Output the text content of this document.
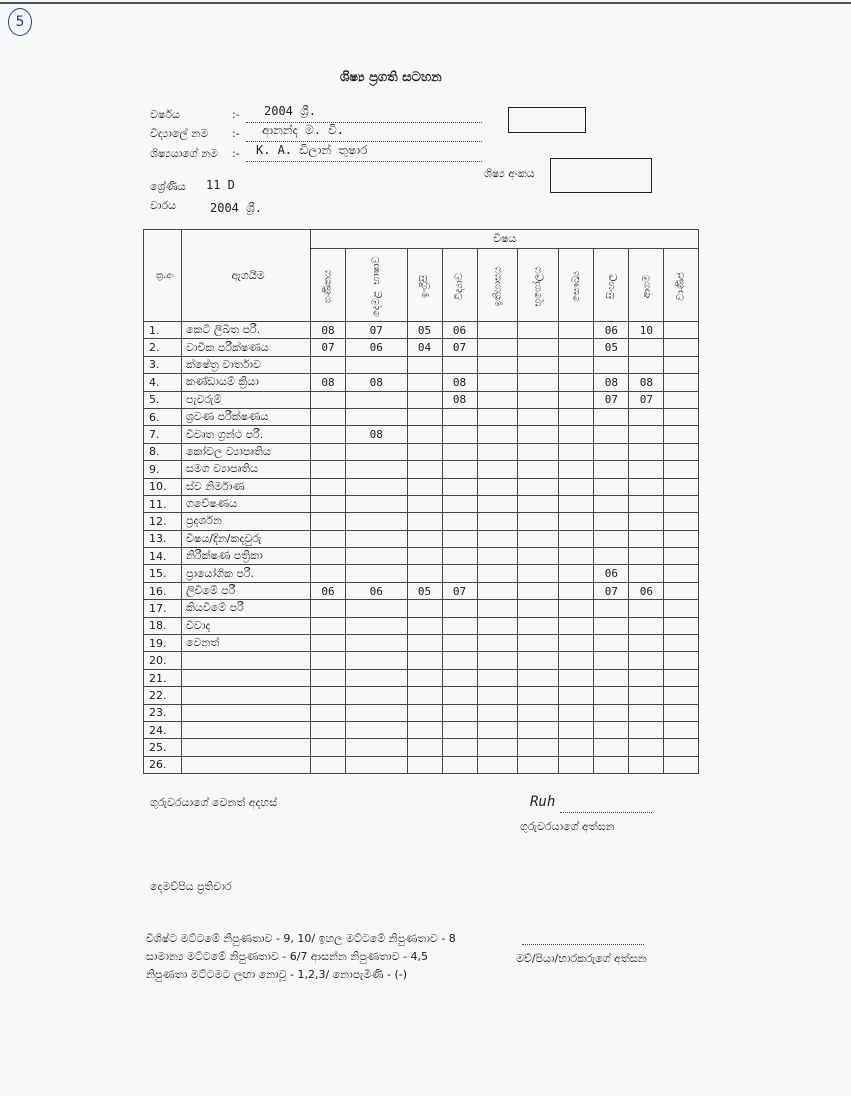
5
ශිෂ්‍ය ප්‍රගති සටහන
වර්ෂය	:- 2004 ශ්‍රී.
විද්‍යාලේ නම :- ආනන්ද ම. වි.
ශිෂ්‍යයාගේ නම :- K. A. ඩිලාන් තුෂාර
ශිෂ්‍ය අංකය
ශ්‍රේණිය 11 D
වාරය	2004 ශ්‍රී.
ක්‍ර.අං	ඇගයීම	විෂය									
		ගණිතය	දෙමළ භාෂාව	ඉංග්‍රීසි	විද්‍යාව	ඉතිහාසය	භූගෝලය	සෞඛ්‍ය	සිංහල	ආගම	වාණිජ
1.	කෙටි ලිඛිත පරී.	08	07	05	06				06	10	
2.	වාචික පරීක්ෂණය	07	06	04	07				05		
3.	ක්ෂේත්‍ර වාර්තාව										
4.	කණ්ඩායම් ක්‍රියා	08	08		08				08	08	
5.	පැවරුම්				08				07	07	
6.	ශ්‍රවණ පරීක්ෂණය										
7.	විවෘත ග්‍රන්ථ පරී.		08								
8.	කෝවල ව්‍යාපෘතිය										
9.	සමග ව්‍යාපෘතිය										
10.	ස්ව නිර්මාණ										
11.	ගවේෂණය										
12.	ප්‍රදර්ශන										
13.	විෂය/දින/කදවුරු										
14.	නිරීක්ෂණ පත්‍රිකා										
15.	ප්‍රායෝගික පරී.								06		
16.	ලිවීමේ පරී	06	06	05	07				07	06	
17.	කියවීමේ පරී										
18.	විවාද										
19.	වෙනත්										
20.											
21.											
22.											
23.											
24.											
25.											
26.											
ගුරුවරයාගේ වෙනත් අදහස්	Ruh
ගුරුවරයාගේ අත්සන
දෙමව්පිය ප්‍රතිචාර
විශිෂ්ට මට්ටමේ නිපුණතාව - 9, 10/ ඉහල මට්ටමේ නිපුණතාව - 8
සාමාන්‍ය මට්ටමේ නිපුණතාව - 6/7 ආසන්න නිපුණතාව - 4,5
නිපුණතා මට්ටමට ලඟා නොවූ - 1,2,3/ නොපැමිණි - (-)
මව්/පියා/භාරකරුගේ අත්සන
